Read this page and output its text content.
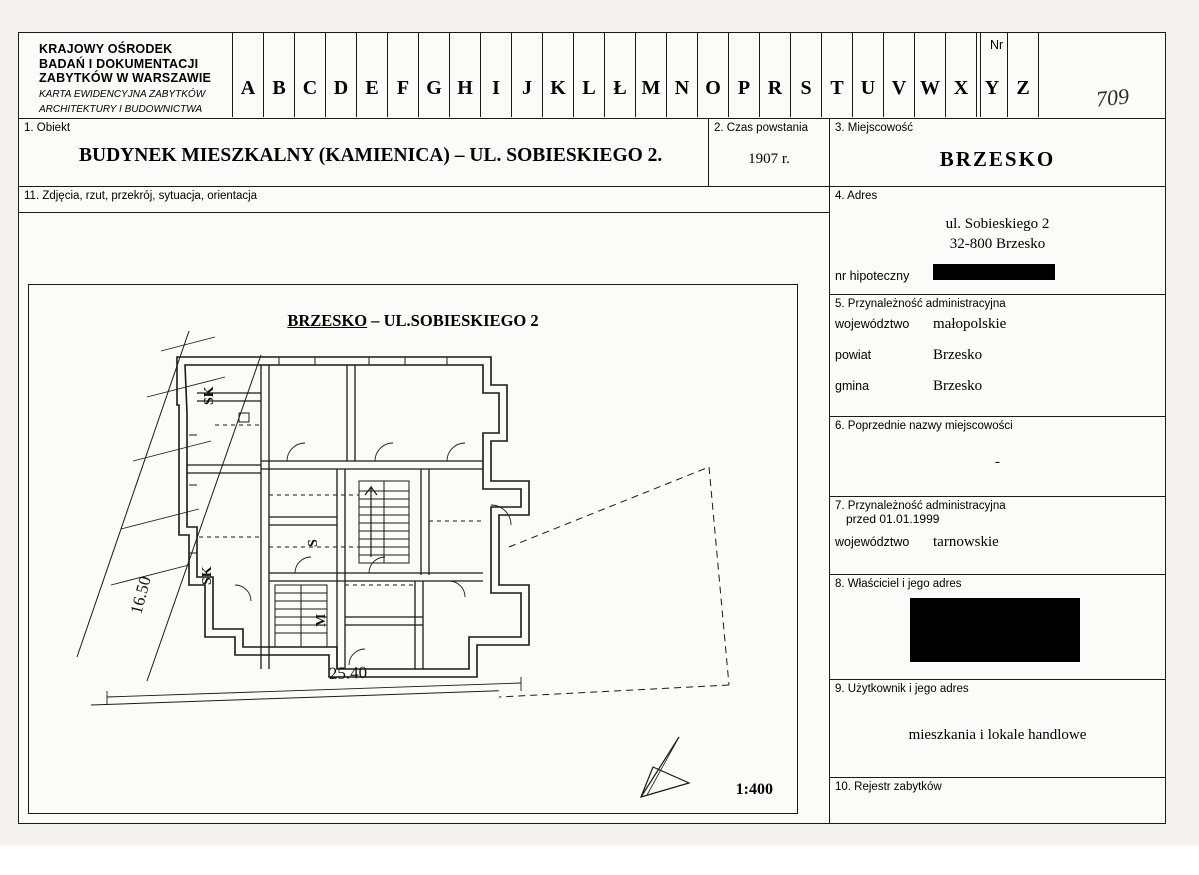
KRAJOWY OŚRODEK
BADAŃ I DOKUMENTACJI
ZABYTKÓW W WARSZAWIE
KARTA EWIDENCYJNA ZABYTKÓW
ARCHITEKTURY I BUDOWNICTWA
A B C D E F G H I	J K L Ł M N O P R S T U V W X Y Z
Nr
709
1. Obiekt
BUDYNEK MIESZKALNY (KAMIENICA) – UL. SOBIESKIEGO 2.
2. Czas powstania
1907 r.
3. Miejscowość
BRZESKO
11. Zdjęcia, rzut, przekrój, sytuacja, orientacja
BRZESKO – UL.SOBIESKIEGO 2
25.40
16.50	SK
SK
S
M
1:400
4. Adres
ul. Sobieskiego 2
32-800 Brzesko
nr hipoteczny
5. Przynależność administracyjna
województwo	małopolskie
powiat	Brzesko
gmina	Brzesko
6. Poprzednie nazwy miejscowości
-
7. Przynależność administracyjna
przed 01.01.1999
województwo	tarnowskie
8. Właściciel i jego adres
9. Użytkownik i jego adres
mieszkania i lokale handlowe
10. Rejestr zabytków
